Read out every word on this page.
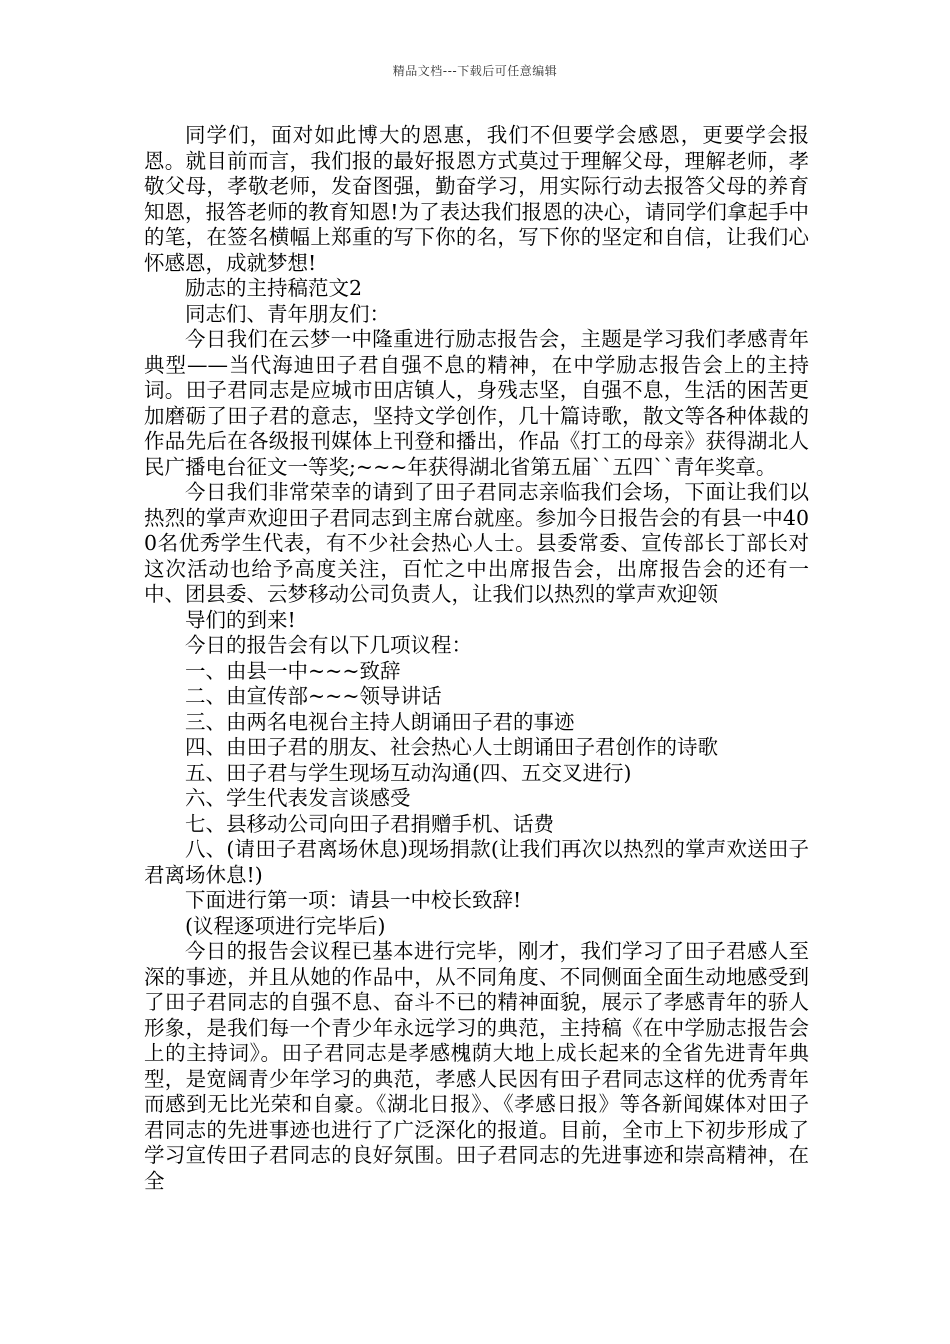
精品文档---下载后可任意编辑

同学们，面对如此博大的恩惠，我们不但要学会感恩，更要学会报恩。就目前而言，我们报的最好报恩方式莫过于理解父母，理解老师，孝敬父母，孝敬老师，发奋图强，勤奋学习，用实际行动去报答父母的养育知恩，报答老师的教育知恩!为了表达我们报恩的决心，请同学们拿起手中的笔，在签名横幅上郑重的写下你的名，写下你的坚定和自信，让我们心怀感恩，成就梦想!

励志的主持稿范文2

同志们、青年朋友们：

今日我们在云梦一中隆重进行励志报告会，主题是学习我们孝感青年典型——当代海迪田子君自强不息的精神，在中学励志报告会上的主持词。田子君同志是应城市田店镇人，身残志坚，自强不息，生活的困苦更加磨砺了田子君的意志，坚持文学创作，几十篇诗歌，散文等各种体裁的作品先后在各级报刊媒体上刊登和播出，作品《打工的母亲》获得湖北人民广播电台征文一等奖;~~~年获得湖北省第五届``五四``青年奖章。

今日我们非常荣幸的请到了田子君同志亲临我们会场，下面让我们以热烈的掌声欢迎田子君同志到主席台就座。参加今日报告会的有县一中400名优秀学生代表，有不少社会热心人士。县委常委、宣传部长丁部长对这次活动也给予高度关注，百忙之中出席报告会，出席报告会的还有一中、团县委、云梦移动公司负责人，让我们以热烈的掌声欢迎领

导们的到来!

今日的报告会有以下几项议程：

一、由县一中~~~致辞

二、由宣传部~~~领导讲话

三、由两名电视台主持人朗诵田子君的事迹

四、由田子君的朋友、社会热心人士朗诵田子君创作的诗歌

五、田子君与学生现场互动沟通(四、五交叉进行)

六、学生代表发言谈感受

七、县移动公司向田子君捐赠手机、话费

八、(请田子君离场休息)现场捐款(让我们再次以热烈的掌声欢送田子君离场休息!)

下面进行第一项：请县一中校长致辞!

(议程逐项进行完毕后)

今日的报告会议程已基本进行完毕，刚才，我们学习了田子君感人至深的事迹，并且从她的作品中，从不同角度、不同侧面全面生动地感受到了田子君同志的自强不息、奋斗不已的精神面貌，展示了孝感青年的骄人形象，是我们每一个青少年永远学习的典范，主持稿《在中学励志报告会上的主持词》。田子君同志是孝感槐荫大地上成长起来的全省先进青年典型，是宽阔青少年学习的典范，孝感人民因有田子君同志这样的优秀青年而感到无比光荣和自豪。《湖北日报》、《孝感日报》等各新闻媒体对田子君同志的先进事迹也进行了广泛深化的报道。目前，全市上下初步形成了学习宣传田子君同志的良好氛围。田子君同志的先进事迹和崇高精神，在全
